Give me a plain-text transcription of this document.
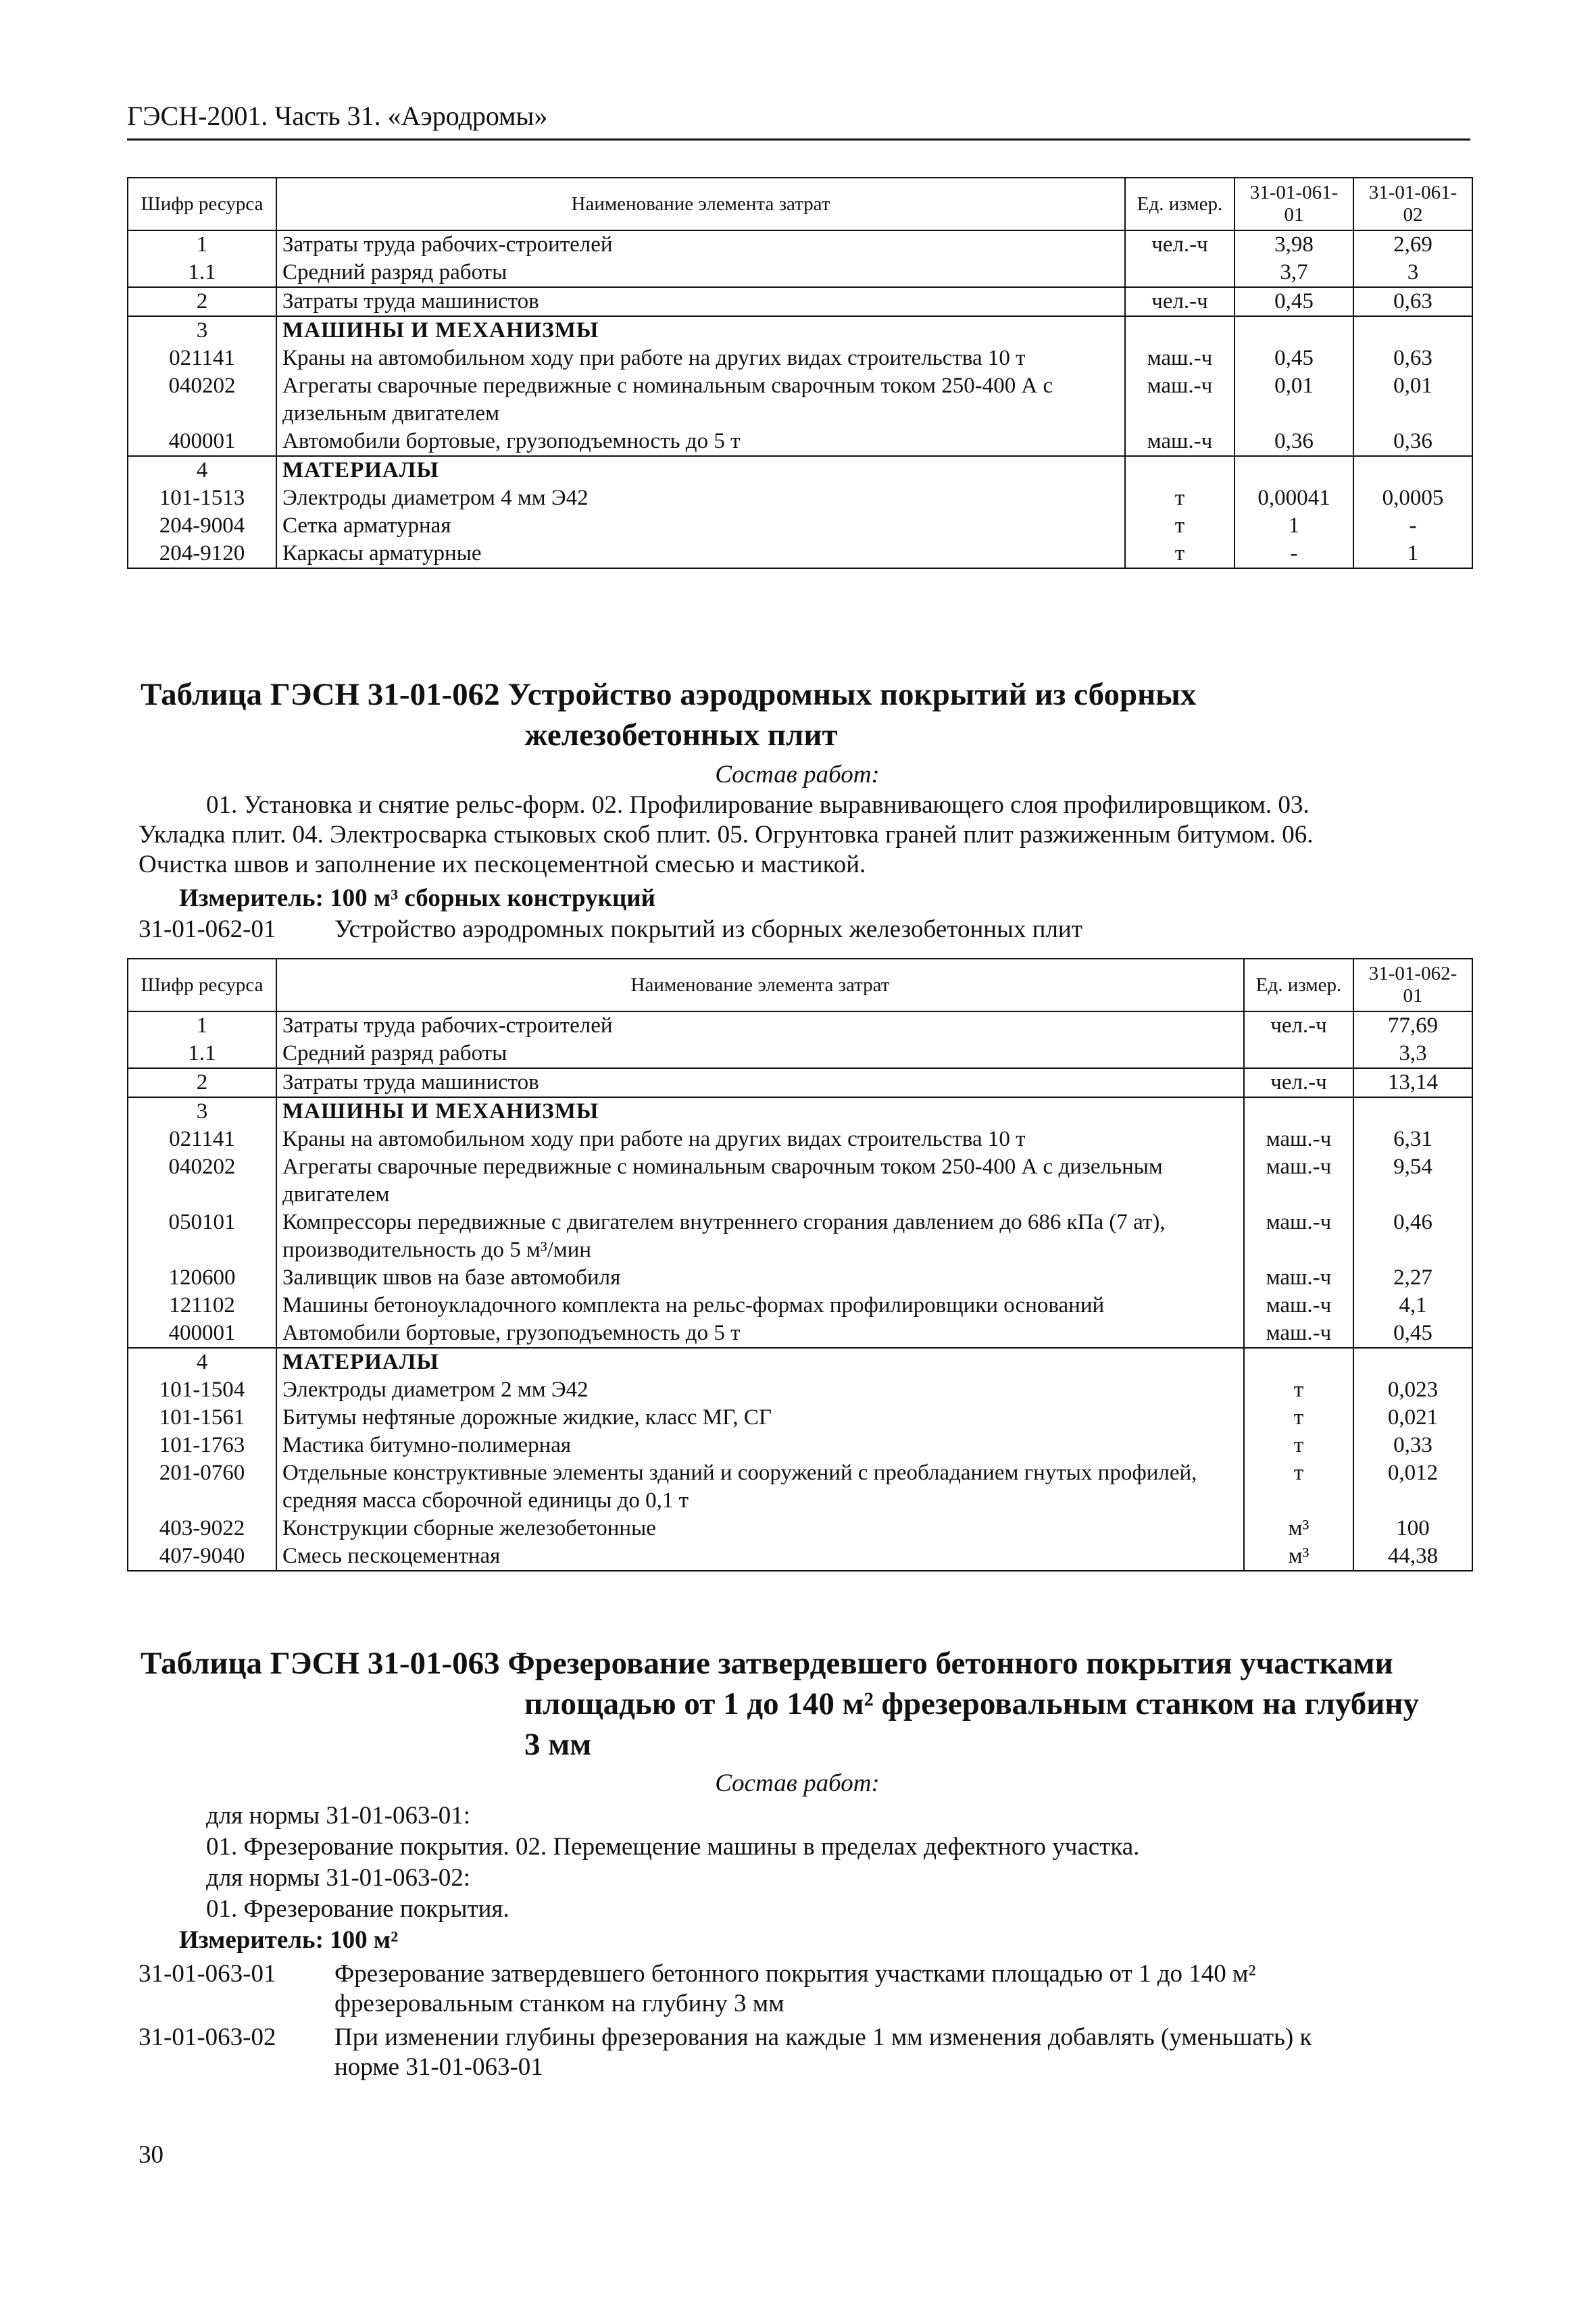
ГЭСН-2001. Часть 31. «Аэродромы»
Шифр ресурса	Наименование элемента затрат	Ед. измер.	31-01-061-01	31-01-061-02
1	Затраты труда рабочих-строителей	чел.-ч	3,98	2,69
1.1	Средний разряд работы		3,7	3
2	Затраты труда машинистов	чел.-ч	0,45	0,63
3	МАШИНЫ И МЕХАНИЗМЫ			
021141	Краны на автомобильном ходу при работе на других видах строительства 10 т	маш.-ч	0,45	0,63
040202	Агрегаты сварочные передвижные с номинальным сварочным током 250-400 А с дизельным двигателем	маш.-ч	0,01	0,01
400001	Автомобили бортовые, грузоподъемность до 5 т	маш.-ч	0,36	0,36
4	МАТЕРИАЛЫ			
101-1513	Электроды диаметром 4 мм Э42	т	0,00041	0,0005
204-9004	Сетка арматурная	т	1	-
204-9120	Каркасы арматурные	т	-	1
Таблица ГЭСН 31-01-062 Устройство аэродромных покрытий из сборных
железобетонных плит
Состав работ:
01. Установка и снятие рельс-форм. 02. Профилирование выравнивающего слоя профилировщиком. 03.
Укладка плит. 04. Электросварка стыковых скоб плит. 05. Огрунтовка граней плит разжиженным битумом. 06.
Очистка швов и заполнение их пескоцементной смесью и мастикой.
Измеритель: 100 м³ сборных конструкций
31-01-062-01 Устройство аэродромных покрытий из сборных железобетонных плит
Шифр ресурса	Наименование элемента затрат	Ед. измер.	31-01-062-01
1	Затраты труда рабочих-строителей	чел.-ч	77,69
1.1	Средний разряд работы		3,3
2	Затраты труда машинистов	чел.-ч	13,14
3	МАШИНЫ И МЕХАНИЗМЫ		
021141	Краны на автомобильном ходу при работе на других видах строительства 10 т	маш.-ч	6,31
040202	Агрегаты сварочные передвижные с номинальным сварочным током 250-400 А с дизельным двигателем	маш.-ч	9,54
050101	Компрессоры передвижные с двигателем внутреннего сгорания давлением до 686 кПа (7 ат), производительность до 5 м³/мин	маш.-ч	0,46
120600	Заливщик швов на базе автомобиля	маш.-ч	2,27
121102	Машины бетоноукладочного комплекта на рельс-формах профилировщики оснований	маш.-ч	4,1
400001	Автомобили бортовые, грузоподъемность до 5 т	маш.-ч	0,45
4	МАТЕРИАЛЫ		
101-1504	Электроды диаметром 2 мм Э42	т	0,023
101-1561	Битумы нефтяные дорожные жидкие, класс МГ, СГ	т	0,021
101-1763	Мастика битумно-полимерная	т	0,33
201-0760	Отдельные конструктивные элементы зданий и сооружений с преобладанием гнутых профилей, средняя масса сборочной единицы до 0,1 т	т	0,012
403-9022	Конструкции сборные железобетонные	м³	100
407-9040	Смесь пескоцементная	м³	44,38
Таблица ГЭСН 31-01-063 Фрезерование затвердевшего бетонного покрытия участками
площадью от 1 до 140 м² фрезеровальным станком на глубину
3 мм
Состав работ:
для нормы 31-01-063-01:
01. Фрезерование покрытия. 02. Перемещение машины в пределах дефектного участка.
для нормы 31-01-063-02:
01. Фрезерование покрытия.
Измеритель: 100 м²
31-01-063-01 Фрезерование затвердевшего бетонного покрытия участками площадью от 1 до 140 м²
фрезеровальным станком на глубину 3 мм
31-01-063-02 При изменении глубины фрезерования на каждые 1 мм изменения добавлять (уменьшать) к
норме 31-01-063-01
30
